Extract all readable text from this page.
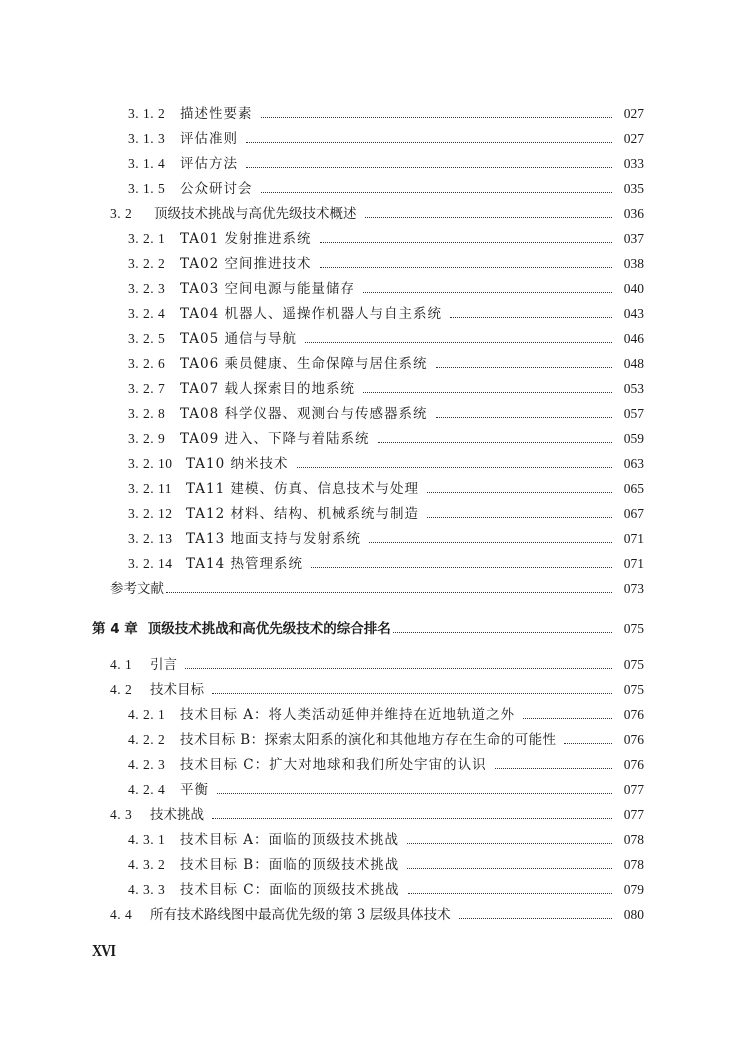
3. 1. 2	描述性要素	027
3. 1. 3	评估准则	027
3. 1. 4	评估方法	033
3. 1. 5	公众研讨会	035
3. 2	顶级技术挑战与高优先级技术概述	036
3. 2. 1	TA01 发射推进系统	037
3. 2. 2	TA02 空间推进技术	038
3. 2. 3	TA03 空间电源与能量储存	040
3. 2. 4	TA04 机器人、遥操作机器人与自主系统	043
3. 2. 5	TA05 通信与导航	046
3. 2. 6	TA06 乘员健康、生命保障与居住系统	048
3. 2. 7	TA07 载人探索目的地系统	053
3. 2. 8	TA08 科学仪器、观测台与传感器系统	057
3. 2. 9	TA09 进入、下降与着陆系统	059
3. 2. 10	TA10 纳米技术	063
3. 2. 11	TA11 建模、仿真、信息技术与处理	065
3. 2. 12	TA12 材料、结构、机械系统与制造	067
3. 2. 13	TA13 地面支持与发射系统	071
3. 2. 14	TA14 热管理系统	071
参考文献	073
第 4 章 顶级技术挑战和高优先级技术的综合排名	075
4. 1	引言	075
4. 2	技术目标	075
4. 2. 1	技术目标 A：将人类活动延伸并维持在近地轨道之外	076
4. 2. 2	技术目标 B：探索太阳系的演化和其他地方存在生命的可能性	076
4. 2. 3	技术目标 C：扩大对地球和我们所处宇宙的认识	076
4. 2. 4	平衡	077
4. 3	技术挑战	077
4. 3. 1	技术目标 A：面临的顶级技术挑战	078
4. 3. 2	技术目标 B：面临的顶级技术挑战	078
4. 3. 3	技术目标 C：面临的顶级技术挑战	079
4. 4	所有技术路线图中最高优先级的第 3 层级具体技术	080
XVI
